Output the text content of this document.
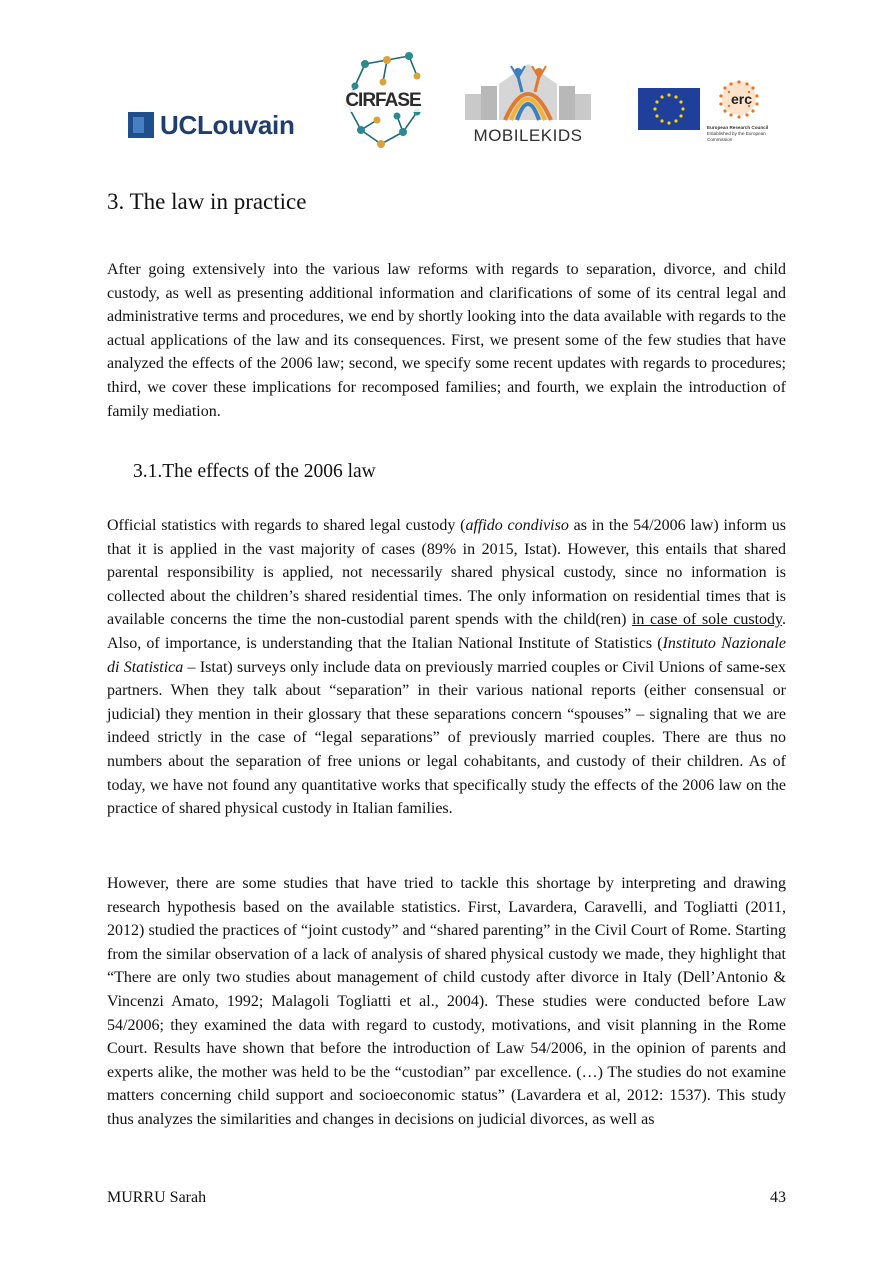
UCLouvain
CIRFASE
MOBILEKIDS
erc
European Research Council
Established by the European Commission
3. The law in practice

After going extensively into the various law reforms with regards to separation, divorce, and child custody, as well as presenting additional information and clarifications of some of its central legal and administrative terms and procedures, we end by shortly looking into the data available with regards to the actual applications of the law and its consequences. First, we present some of the few studies that have analyzed the effects of the 2006 law; second, we specify some recent updates with regards to procedures; third, we cover these implications for recomposed families; and fourth, we explain the introduction of family mediation.

3.1.The effects of the 2006 law

Official statistics with regards to shared legal custody (affido condiviso as in the 54/2006 law) inform us that it is applied in the vast majority of cases (89% in 2015, Istat). However, this entails that shared parental responsibility is applied, not necessarily shared physical custody, since no information is collected about the children’s shared residential times. The only information on residential times that is available concerns the time the non-custodial parent spends with the child(ren) in case of sole custody. Also, of importance, is understanding that the Italian National Institute of Statistics (Instituto Nazionale di Statistica – Istat) surveys only include data on previously married couples or Civil Unions of same-sex partners. When they talk about “separation” in their various national reports (either consensual or judicial) they mention in their glossary that these separations concern “spouses” – signaling that we are indeed strictly in the case of “legal separations” of previously married couples. There are thus no numbers about the separation of free unions or legal cohabitants, and custody of their children. As of today, we have not found any quantitative works that specifically study the effects of the 2006 law on the practice of shared physical custody in Italian families.

However, there are some studies that have tried to tackle this shortage by interpreting and drawing research hypothesis based on the available statistics. First, Lavardera, Caravelli, and Togliatti (2011, 2012) studied the practices of “joint custody” and “shared parenting” in the Civil Court of Rome. Starting from the similar observation of a lack of analysis of shared physical custody we made, they highlight that “There are only two studies about management of child custody after divorce in Italy (Dell’Antonio & Vincenzi Amato, 1992; Malagoli Togliatti et al., 2004). These studies were conducted before Law 54/2006; they examined the data with regard to custody, motivations, and visit planning in the Rome Court. Results have shown that before the introduction of Law 54/2006, in the opinion of parents and experts alike, the mother was held to be the “custodian” par excellence. (…) The studies do not examine matters concerning child support and socioeconomic status” (Lavardera et al, 2012: 1537). This study thus analyzes the similarities and changes in decisions on judicial divorces, as well as

MURRU Sarah	43
